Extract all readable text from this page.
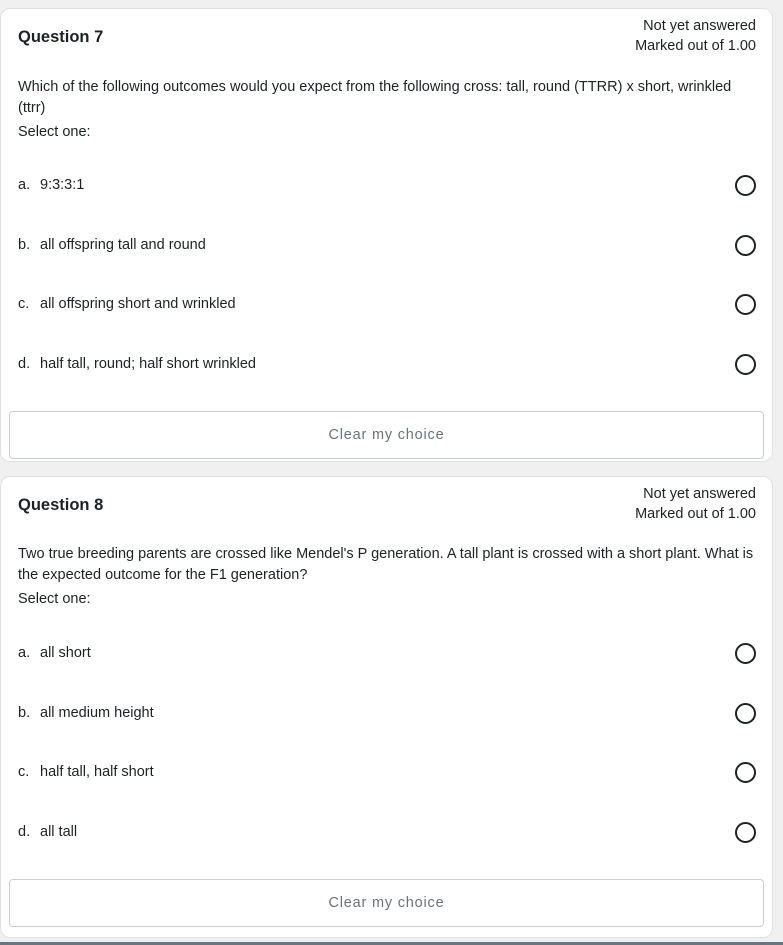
Question 7
Not yet answered
Marked out of 1.00
Which of the following outcomes would you expect from the following cross: tall, round (TTRR) x short, wrinkled (ttrr)
Select one:
a. 9:3:3:1
b. all offspring tall and round
c. all offspring short and wrinkled
d. half tall, round; half short wrinkled
Clear my choice
Question 8
Not yet answered
Marked out of 1.00
Two true breeding parents are crossed like Mendel's P generation. A tall plant is crossed with a short plant. What is the expected outcome for the F1 generation?
Select one:
a. all short
b. all medium height
c. half tall, half short
d. all tall
Clear my choice
